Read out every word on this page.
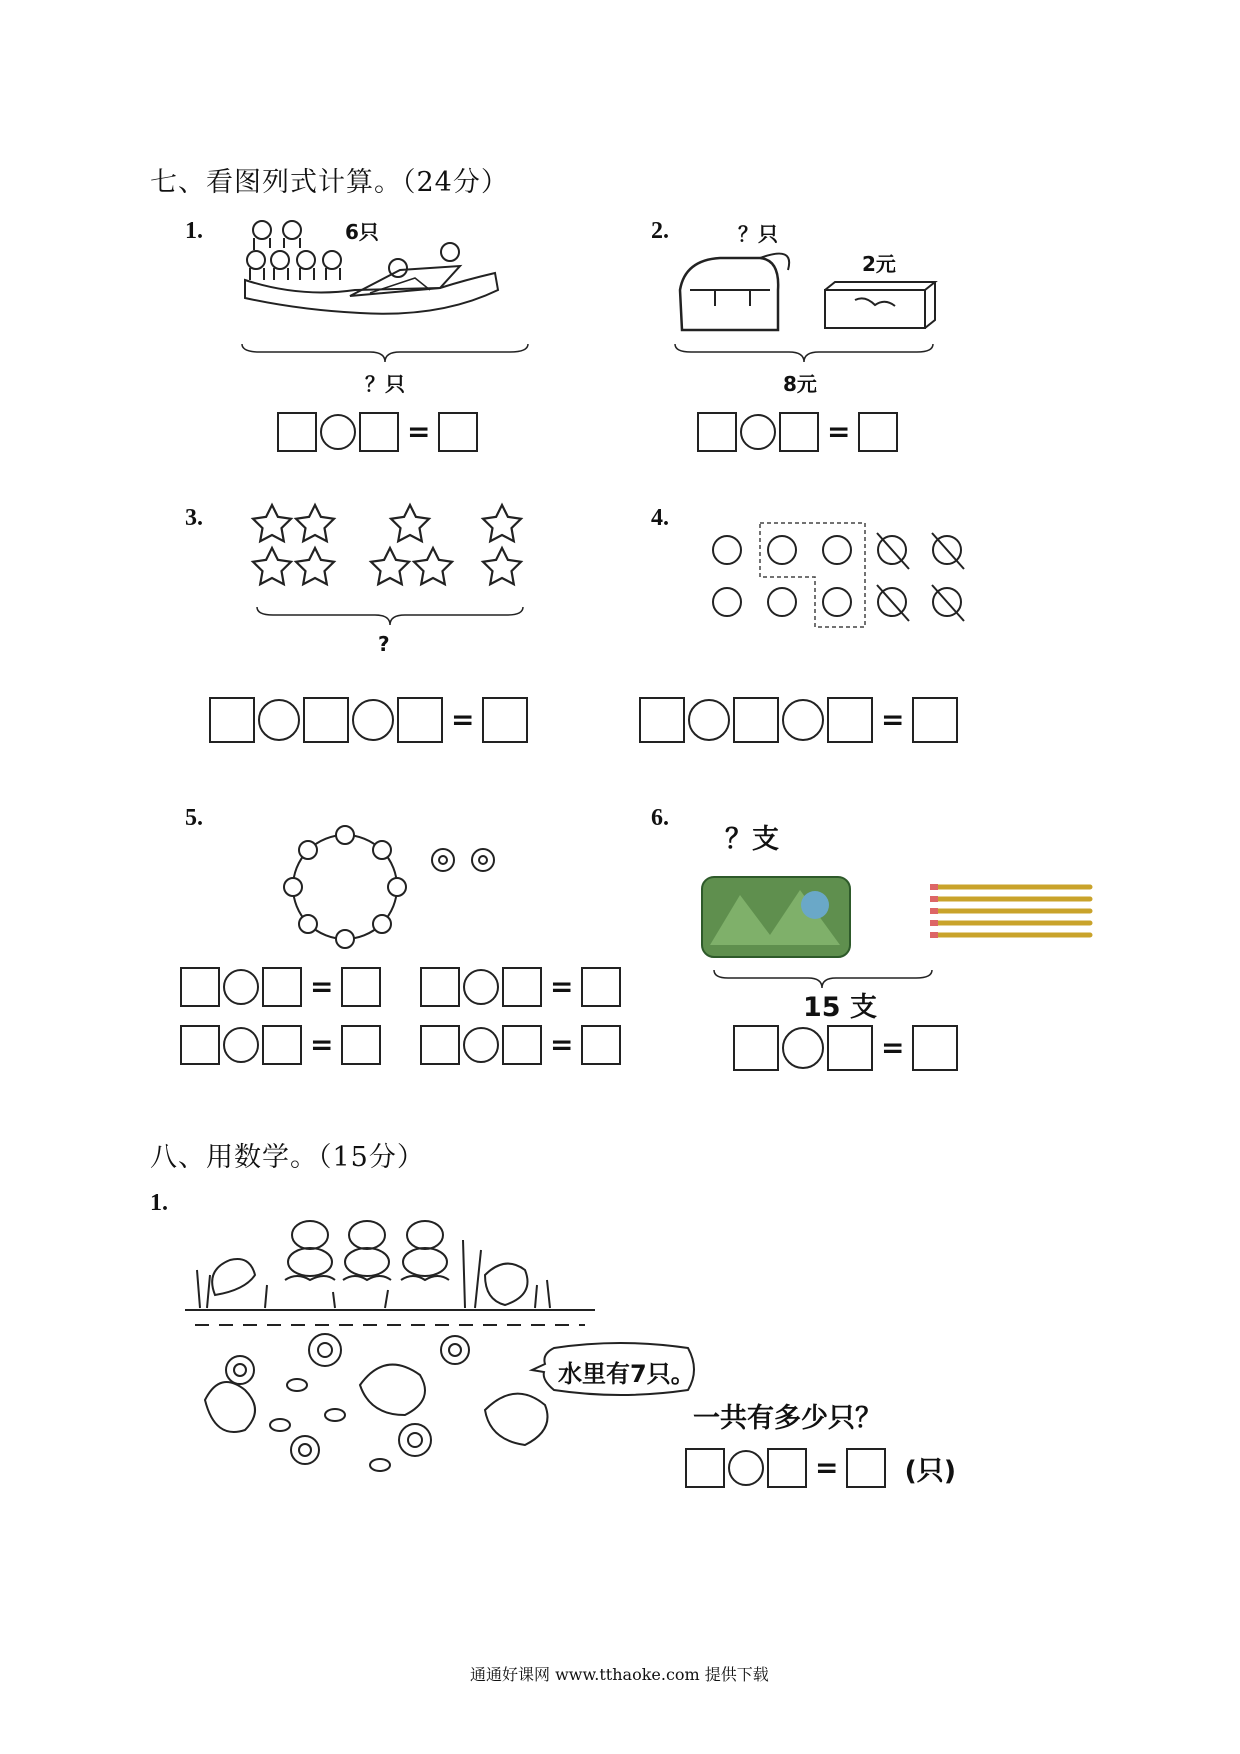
七、看图列式计算。（24分）
1.	6只
？只
=
2.	？只
2元
8元
=
3.
?
=
4.
=
5.
=	=
=	=
6.
？支
15 支
=
八、用数学。（15分）
1.
水里有7只。
一共有多少只？
= (只)
通通好课网 www.tthaoke.com 提供下载
